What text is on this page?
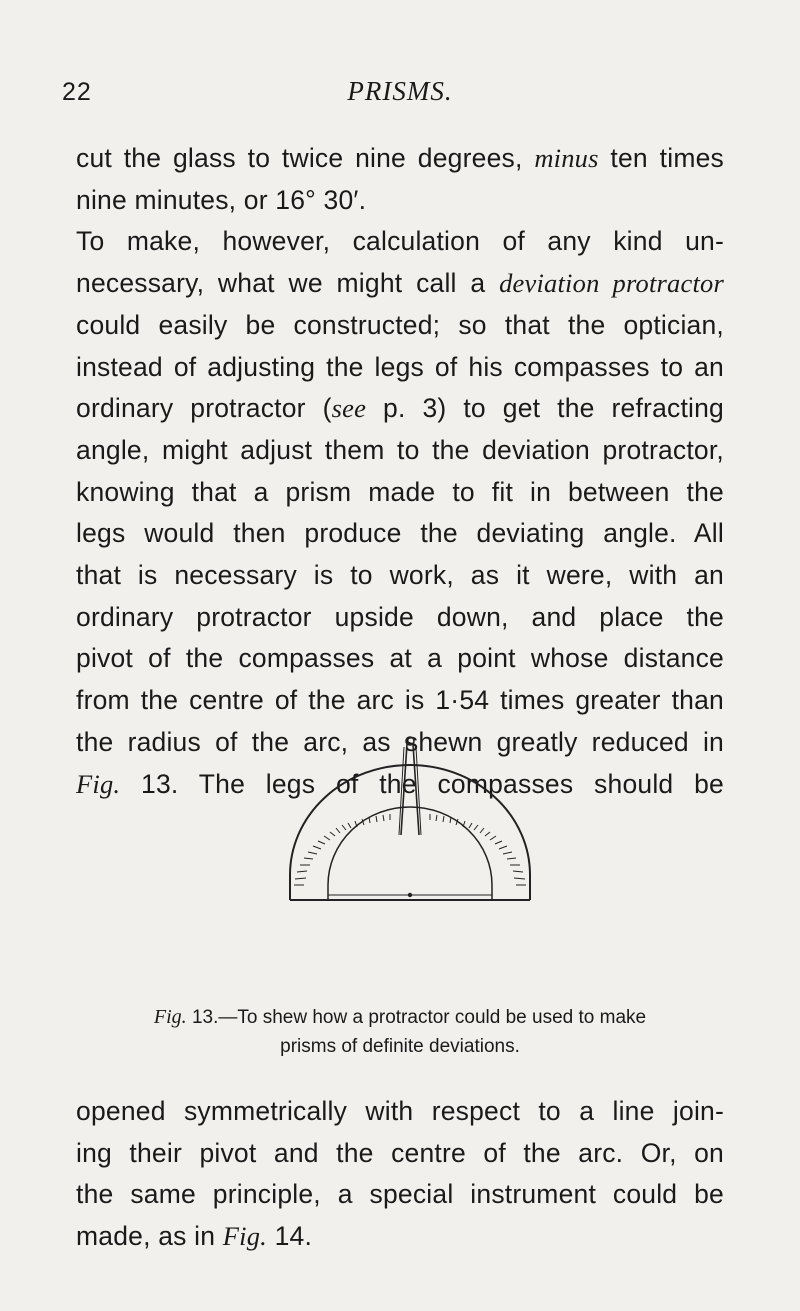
22	PRISMS.
cut the glass to twice nine degrees, minus ten times
nine minutes, or 16° 30′.
To make, however, calculation of any kind un-
necessary, what we might call a deviation protractor
could easily be constructed; so that the optician,
instead of adjusting the legs of his compasses to an
ordinary protractor (see p. 3) to get the refracting
angle, might adjust them to the deviation protractor,
knowing that a prism made to fit in between the
legs would then produce the deviating angle. All
that is necessary is to work, as it were, with an
ordinary protractor upside down, and place the
pivot of the compasses at a point whose distance
from the centre of the arc is 1·54 times greater than
the radius of the arc, as shewn greatly reduced in
Fig. 13. The legs of the compasses should be
Fig. 13.—To shew how a protractor could be used to make
prisms of definite deviations.
opened symmetrically with respect to a line join-
ing their pivot and the centre of the arc. Or, on
the same principle, a special instrument could be
made, as in Fig. 14.
